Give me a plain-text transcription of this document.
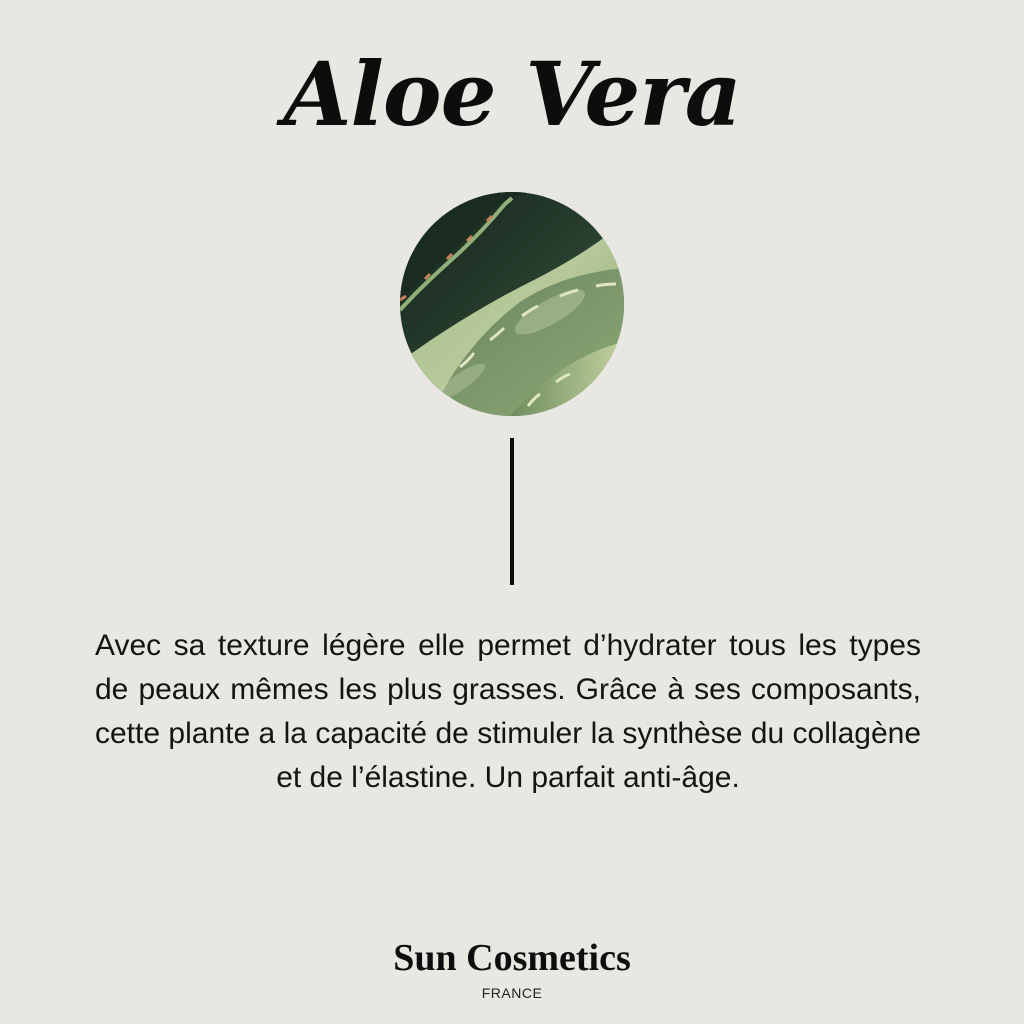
Aloe Vera

Avec sa texture légère elle permet d’hydrater tous les types de peaux mêmes les plus grasses. Grâce à ses composants, cette plante a la capacité de stimuler la synthèse du collagène et de l’élastine. Un parfait anti-âge.

Sun Cosmetics
FRANCE
